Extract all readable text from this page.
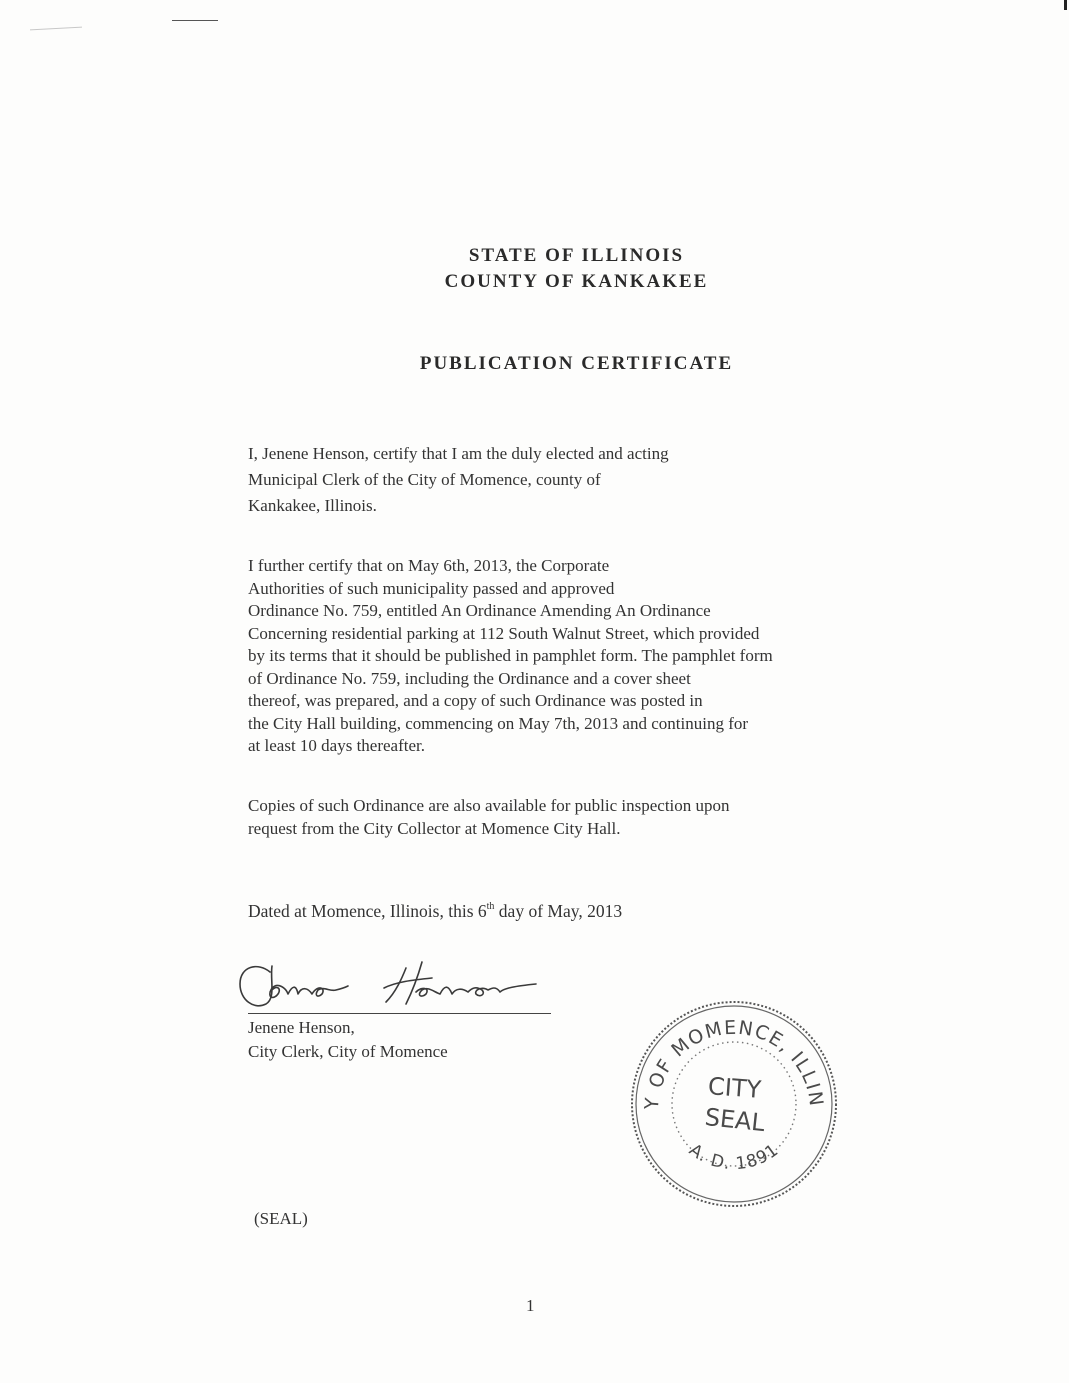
STATE OF ILLINOIS
COUNTY OF KANKAKEE
PUBLICATION CERTIFICATE
I, Jenene Henson, certify that I am the duly elected and acting
Municipal Clerk of the City of Momence, county of
Kankakee, Illinois.
I further certify that on May 6th, 2013, the Corporate
Authorities of such municipality passed and approved
Ordinance No. 759, entitled An Ordinance Amending An Ordinance
Concerning residential parking at 112 South Walnut Street, which provided
by its terms that it should be published in pamphlet form. The pamphlet form
of Ordinance No. 759, including the Ordinance and a cover sheet
thereof, was prepared, and a copy of such Ordinance was posted in
the City Hall building, commencing on May 7th, 2013 and continuing for
at least 10 days thereafter.
Copies of such Ordinance are also available for public inspection upon
request from the City Collector at Momence City Hall.
Dated at Momence, Illinois, this 6th day of May, 2013
Jenene Henson,
City Clerk, City of Momence
Y OF MOMENCE, ILLIN
A. D. 1891
CITY
SEAL
(SEAL)
1
